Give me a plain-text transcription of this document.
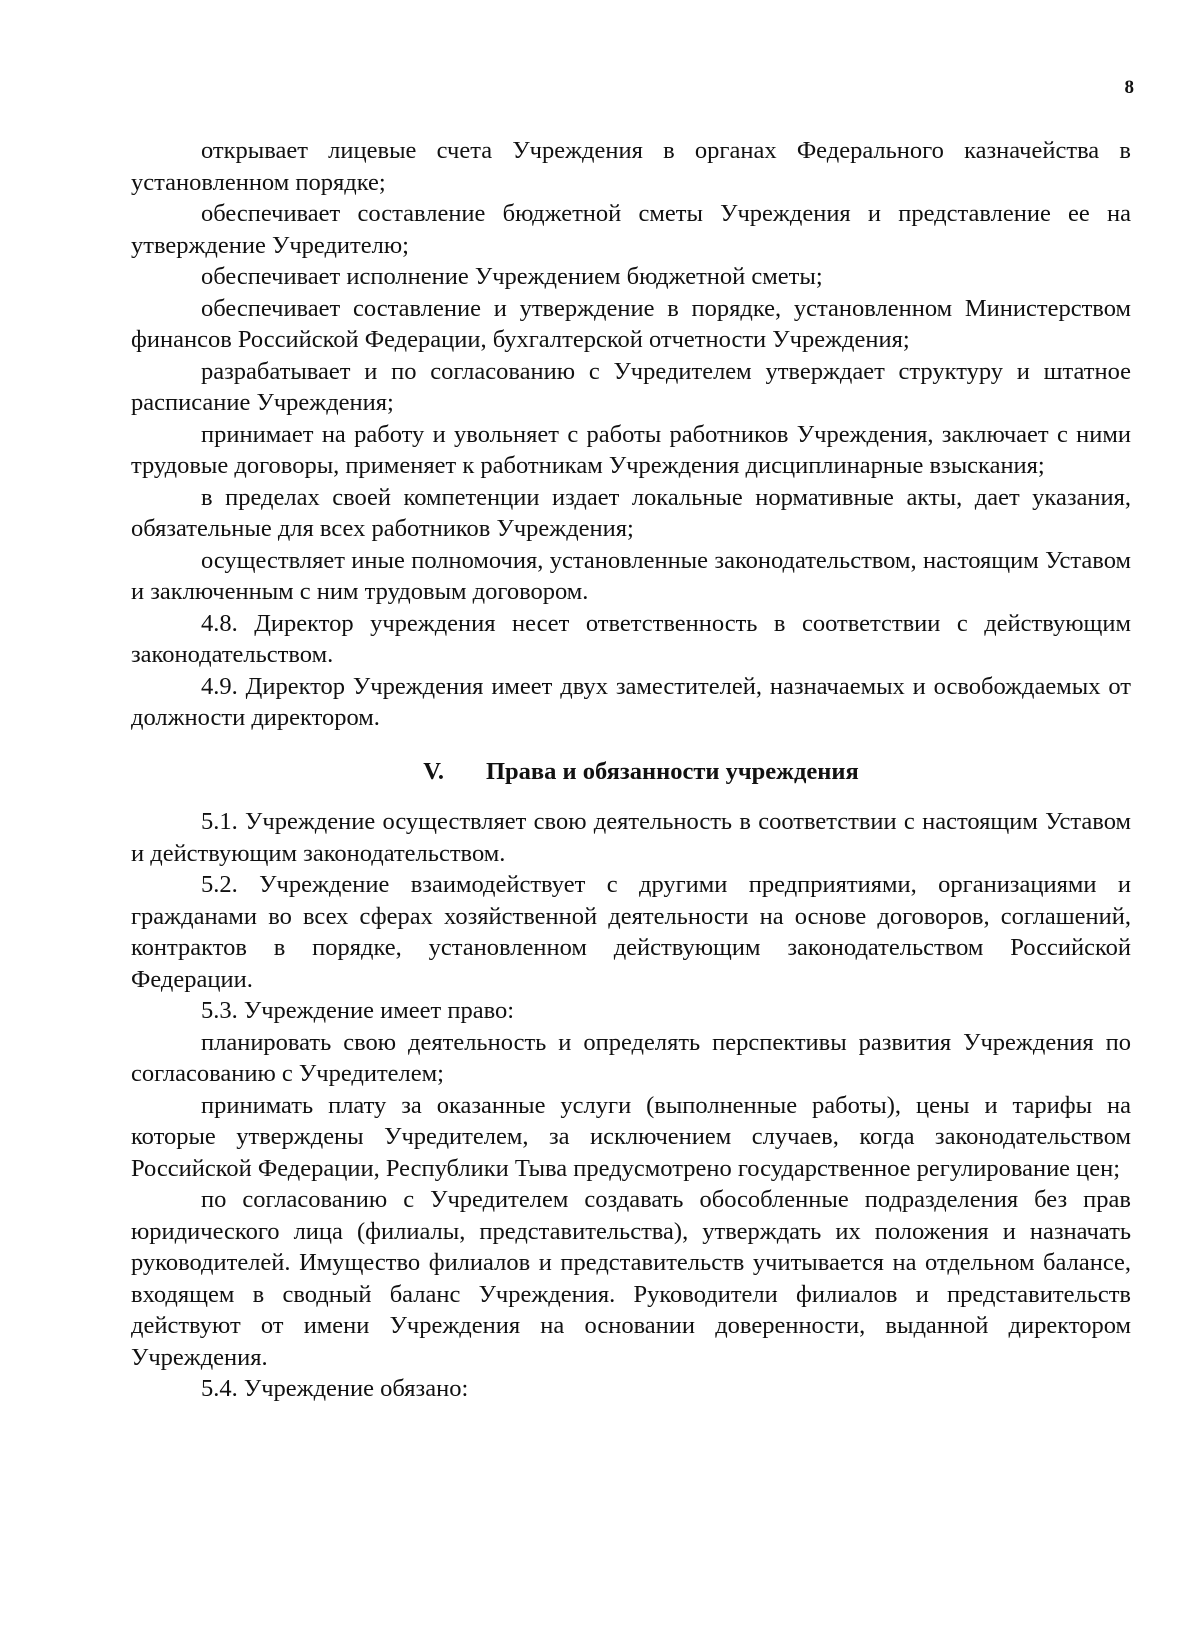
8

открывает лицевые счета Учреждения в органах Федерального казначейства в установленном порядке;

обеспечивает составление бюджетной сметы Учреждения и представление ее на утверждение Учредителю;

обеспечивает исполнение Учреждением бюджетной сметы;

обеспечивает составление и утверждение в порядке, установленном Министерством финансов Российской Федерации, бухгалтерской отчетности Учреждения;

разрабатывает и по согласованию с Учредителем утверждает структуру и штатное расписание Учреждения;

принимает на работу и увольняет с работы работников Учреждения, заключает с ними трудовые договоры, применяет к работникам Учреждения дисциплинарные взыскания;

в пределах своей компетенции издает локальные нормативные акты, дает указания, обязательные для всех работников Учреждения;

осуществляет иные полномочия, установленные законодательством, настоящим Уставом и заключенным с ним трудовым договором.

4.8. Директор учреждения несет ответственность в соответствии с действующим законодательством.

4.9. Директор Учреждения имеет двух заместителей, назначаемых и освобождаемых от должности директором.

V. Права и обязанности учреждения

5.1. Учреждение осуществляет свою деятельность в соответствии с настоящим Уставом и действующим законодательством.

5.2. Учреждение взаимодействует с другими предприятиями, организациями и гражданами во всех сферах хозяйственной деятельности на основе договоров, соглашений, контрактов в порядке, установленном действующим законодательством Российской Федерации.

5.3. Учреждение имеет право:

планировать свою деятельность и определять перспективы развития Учреждения по согласованию с Учредителем;

принимать плату за оказанные услуги (выполненные работы), цены и тарифы на которые утверждены Учредителем, за исключением случаев, когда законодательством Российской Федерации, Республики Тыва предусмотрено государственное регулирование цен;

по согласованию с Учредителем создавать обособленные подразделения без прав юридического лица (филиалы, представительства), утверждать их положения и назначать руководителей. Имущество филиалов и представительств учитывается на отдельном балансе, входящем в сводный баланс Учреждения. Руководители филиалов и представительств действуют от имени Учреждения на основании доверенности, выданной директором Учреждения.

5.4. Учреждение обязано:
